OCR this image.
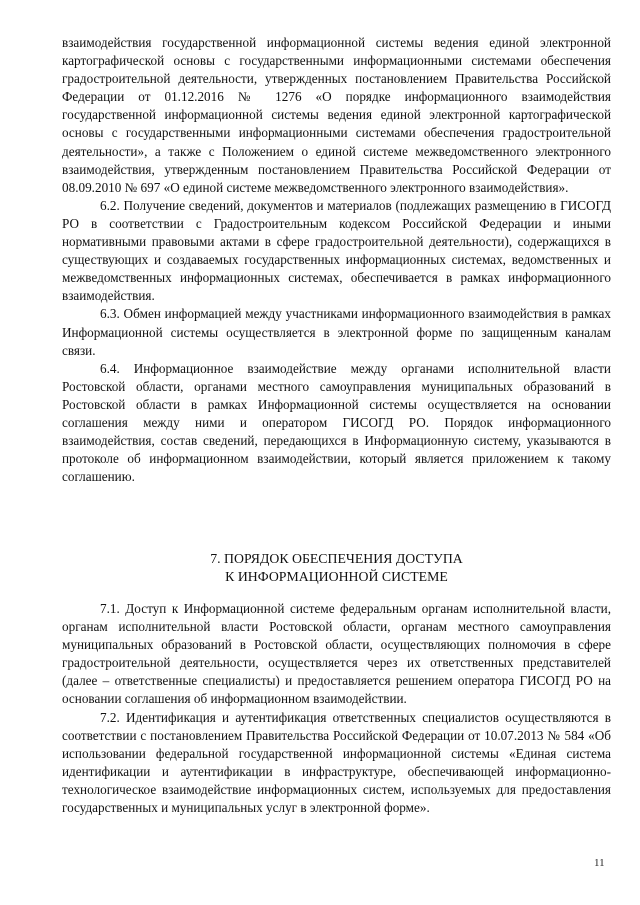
взаимодействия государственной информационной системы ведения единой электронной картографической основы с государственными информационными системами обеспечения градостроительной деятельности, утвержденных постановлением Правительства Российской Федерации от 01.12.2016 № 1276 «О порядке информационного взаимодействия государственной информационной системы ведения единой электронной картографической основы с государственными информационными системами обеспечения градостроительной деятельности», а также с Положением о единой системе межведомственного электронного взаимодействия, утвержденным постановлением Правительства Российской Федерации от 08.09.2010 № 697 «О единой системе межведомственного электронного взаимодействия».

6.2. Получение сведений, документов и материалов (подлежащих размещению в ГИСОГД РО в соответствии с Градостроительным кодексом Российской Федерации и иными нормативными правовыми актами в сфере градостроительной деятельности), содержащихся в существующих и создаваемых государственных информационных системах, ведомственных и межведомственных информационных системах, обеспечивается в рамках информационного взаимодействия.

6.3. Обмен информацией между участниками информационного взаимодействия в рамках Информационной системы осуществляется в электронной форме по защищенным каналам связи.

6.4. Информационное взаимодействие между органами исполнительной власти Ростовской области, органами местного самоуправления муниципальных образований в Ростовской области в рамках Информационной системы осуществляется на основании соглашения между ними и оператором ГИСОГД РО. Порядок информационного взаимодействия, состав сведений, передающихся в Информационную систему, указываются в протоколе об информационном взаимодействии, который является приложением к такому соглашению.

7. ПОРЯДОК ОБЕСПЕЧЕНИЯ ДОСТУПА
К ИНФОРМАЦИОННОЙ СИСТЕМЕ

7.1. Доступ к Информационной системе федеральным органам исполнительной власти, органам исполнительной власти Ростовской области, органам местного самоуправления муниципальных образований в Ростовской области, осуществляющих полномочия в сфере градостроительной деятельности, осуществляется через их ответственных представителей (далее – ответственные специалисты) и предоставляется решением оператора ГИСОГД РО на основании соглашения об информационном взаимодействии.

7.2. Идентификация и аутентификация ответственных специалистов осуществляются в соответствии с постановлением Правительства Российской Федерации от 10.07.2013 № 584 «Об использовании федеральной государственной информационной системы «Единая система идентификации и аутентификации в инфраструктуре, обеспечивающей информационно-технологическое взаимодействие информационных систем, используемых для предоставления государственных и муниципальных услуг в электронной форме».

11
